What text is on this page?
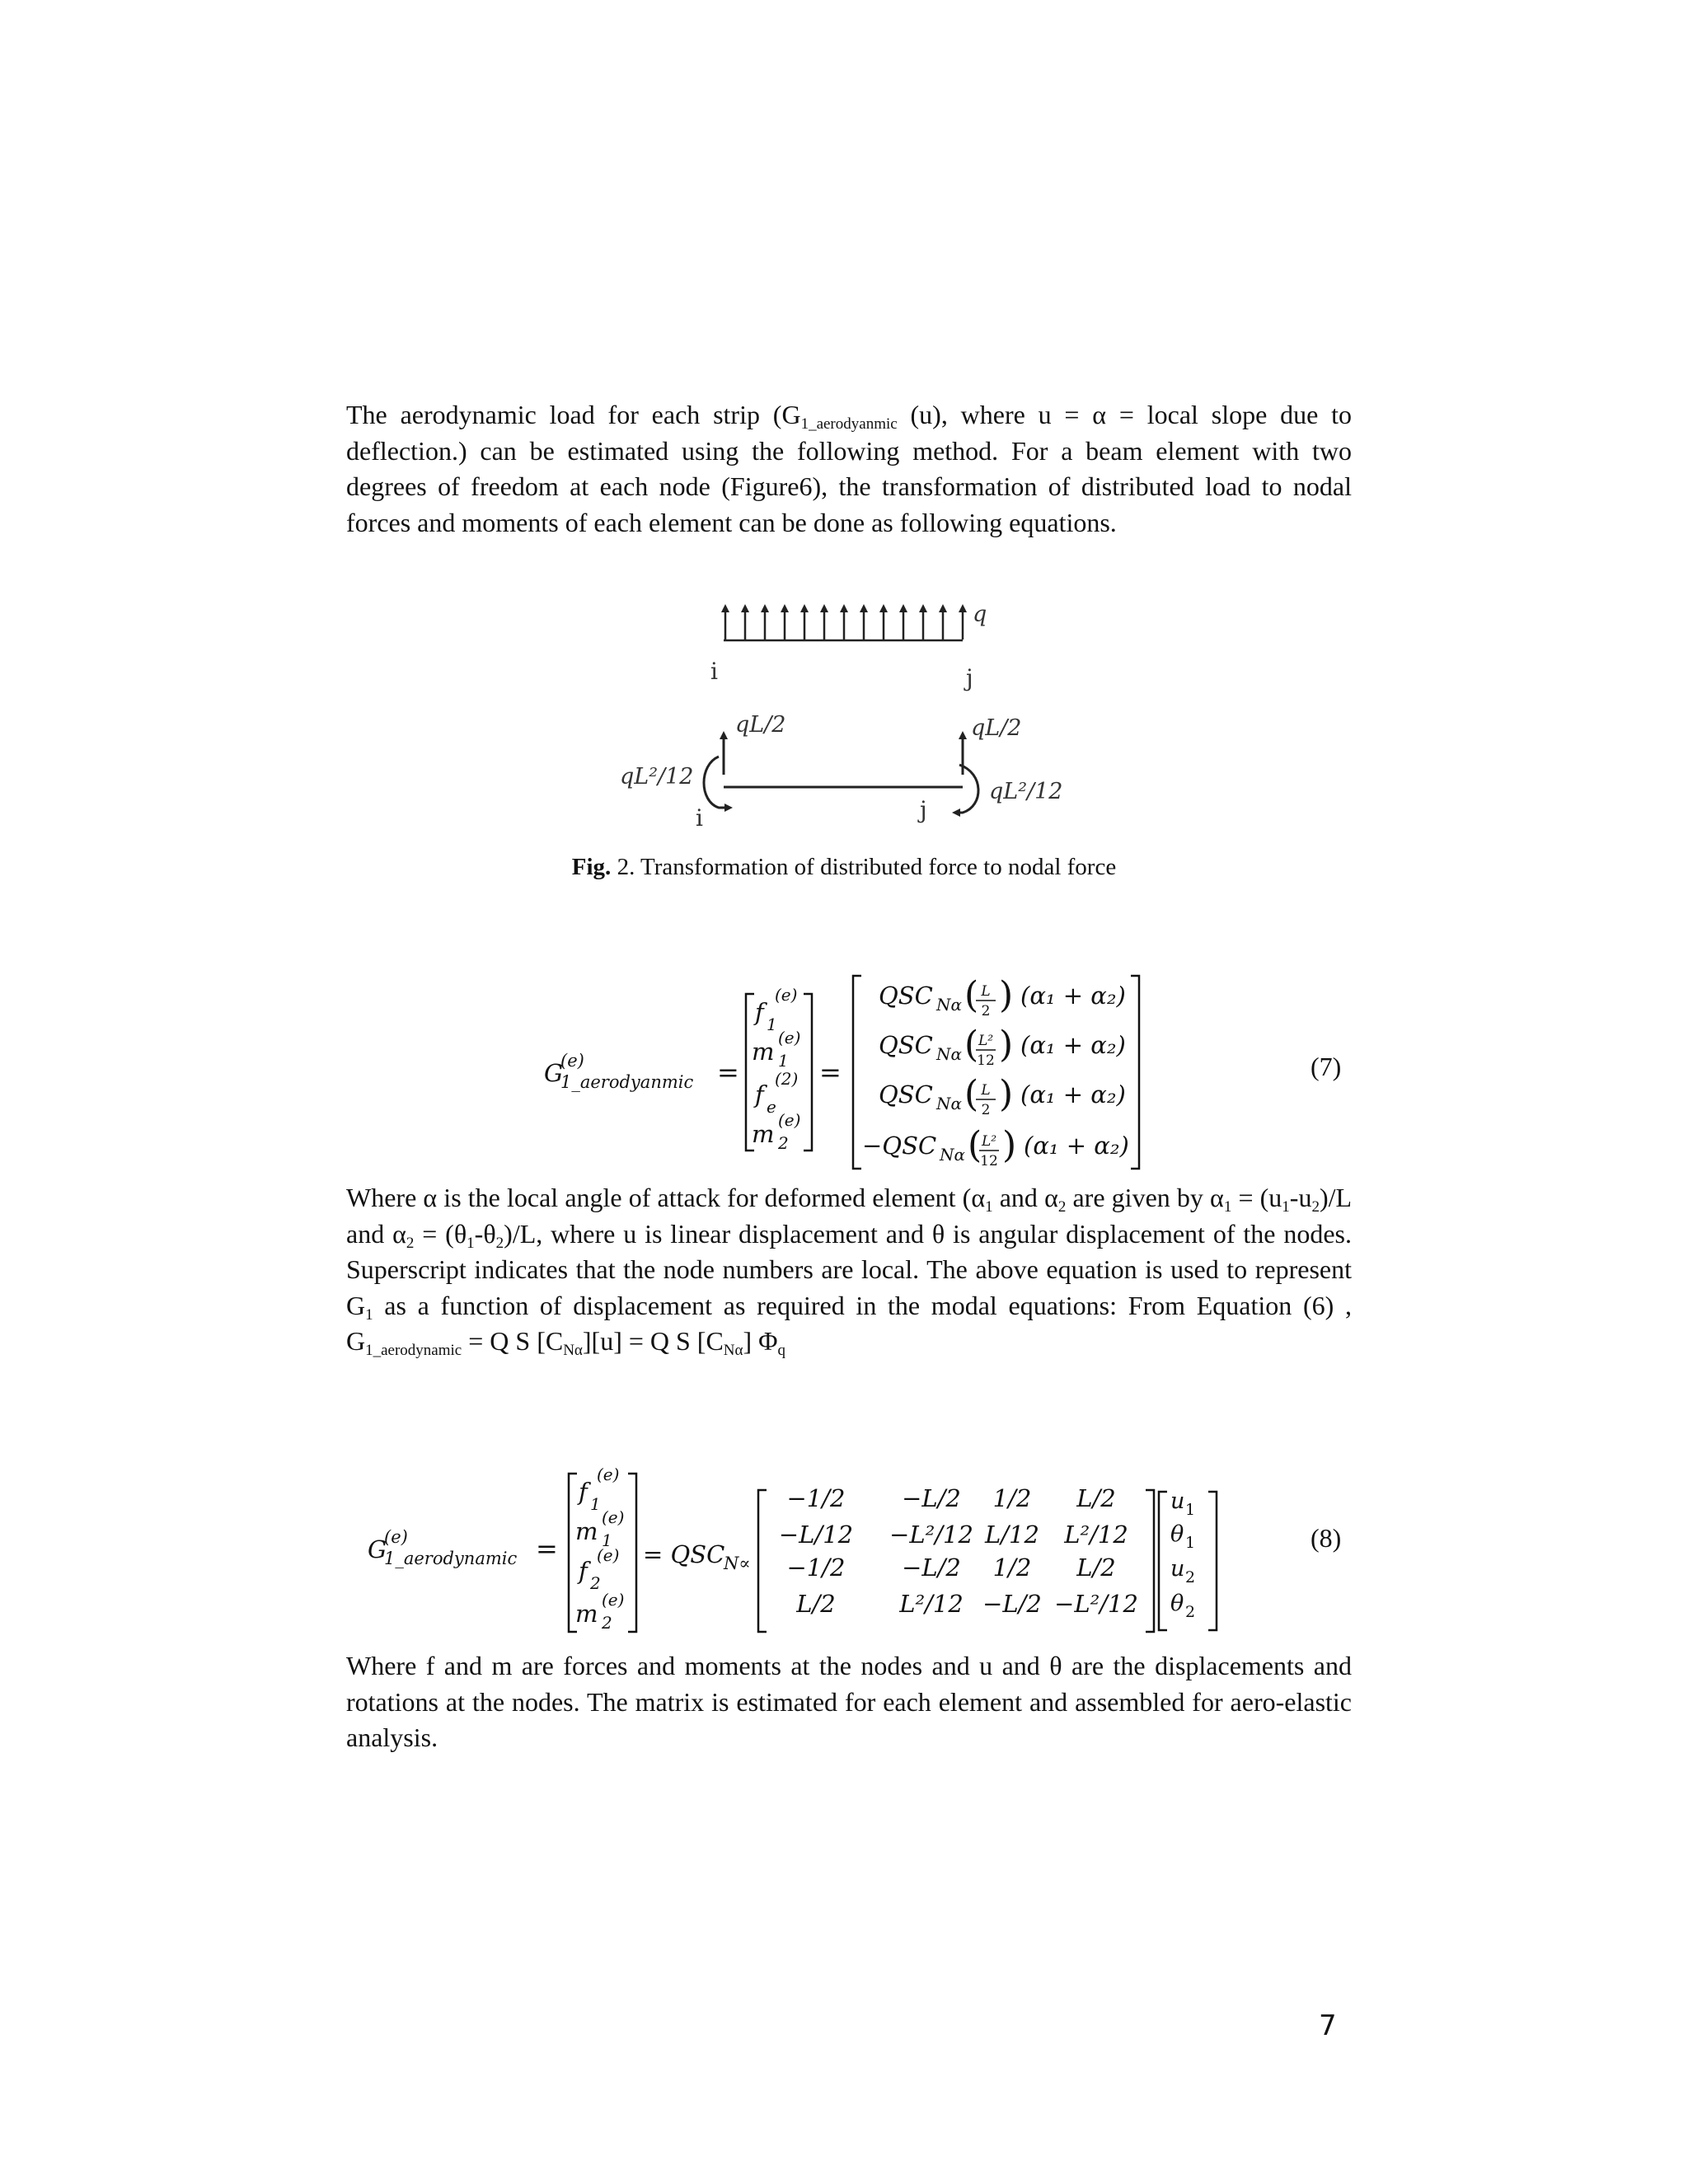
The aerodynamic load for each strip ($G_{1\_aerodyanmic}$ (u), where u = α = local slope due to deflection.) can be estimated using the following method. For a beam element with two degrees of freedom at each node (Figure6), the transformation of distributed load to nodal forces and moments of each element can be done as following equations.

q
i	j
qL/2	qL/2
qL²/12
qL²/12
i	j
Fig. 2. Transformation of distributed force to nodal force
G
(e)
1_aerodyanmic =
f
(e)
1
m (e)
1
f
(2)
e
m (e)
2
=
QSC Nα ( L
2 ) (α₁ + α₂)
QSC Nα ( L²
12 ) (α₁ + α₂)
QSC Nα ( L
2 ) (α₁ + α₂)
−QSC Nα ( L²
12 ) (α₁ + α₂)
(7)

Where α is the local angle of attack for deformed element ($\alpha_1$ and $\alpha_2$ are given by $\alpha_1 = (u_1-u_2)/L$ and $\alpha_2 = (\theta_1-\theta_2)/L$, where u is linear displacement and θ is angular displacement of the nodes. Superscript indicates that the node numbers are local. The above equation is used to represent $G_1$ as a function of displacement as required in the modal equations: From Equation (6) , $G_{1\_aerodynamic} = Q$ S $[C_{N\alpha}][u] = Q$ S $[C_{N\alpha}]$ $\Phi_q$

G
(e)
1_aerodynamic =
f
(e)
1
m (e)
1
f
(e)
2
m (e)
2
= QSC
N∝
−1/2 −L/2 1/2 L/2
−L/12 −L²/12 L/12 L²/12
−1/2 −L/2 1/2 L/2
L/2	L²/12 −L/2 −L²/12
u 1
θ 1
u 2
θ 2
(8)

Where f and m are forces and moments at the nodes and u and θ are the displacements and rotations at the nodes. The matrix is estimated for each element and assembled for aero-elastic analysis.

7
